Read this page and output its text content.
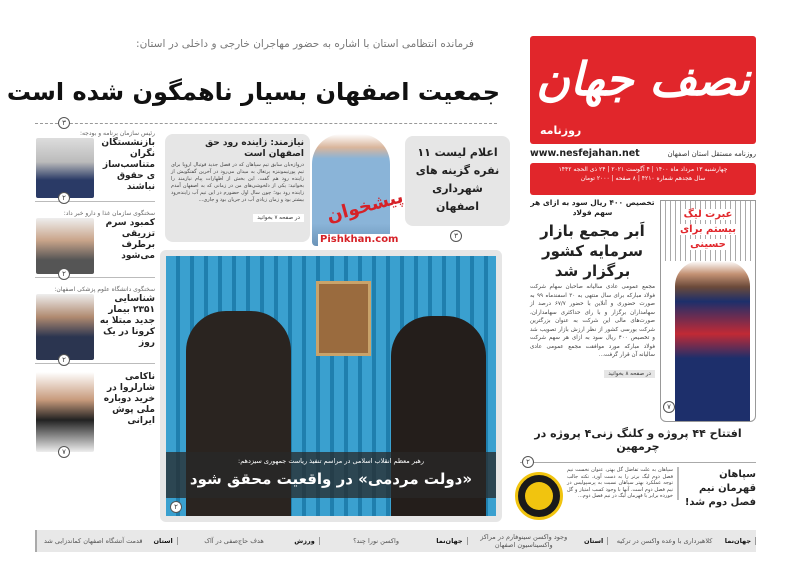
فرمانده انتظامی استان با اشاره به حضور مهاجران خارجی و داخلی در استان:
جمعیت اصفهان بسیار ناهمگون شده است
۳
نصف جهان
روزنامه
www.nesfejahan.net	روزنامه مستقل استان اصفهان
چهارشنبه ۱۳ مرداد ماه ۱۴۰۰ | ۴ آگوست ۲۰۲۱ | ۲۴ ذی الحجه ۱۴۴۲
سال هجدهم شماره ۴۲۱۰ | ۸ صفحه | ۲۰۰۰ تومان
رئیس سازمان برنامه و بودجه:
بازنشستگان نگران متناسب‌سازی حقوق نباشند
۲
سخنگوی سازمان غذا و دارو خبر داد:
کمبود سرم تزریقی برطرف می‌شود
۲
سخنگوی دانشگاه علوم پزشکی اصفهان:
شناسایی ۲۳۵۱ بیمار جدید مبتلا به کرونا در یک روز
۲
ناکامی شارلروا در خرید دوباره ملی پوش ایرانی
۷
نیازمند: زاینده رود حق اصفهان است
دروازه‌بان سابق تیم سپاهان که در فصل جدید فوتبال اروپا برای تیم پورتیموننزه پرتغال به میدان می‌رود در آخرین گفتگویش از زاینده رود هم گفت. این بخش از اظهارات پیام نیازمند را بخوانید: یکی از دلخوشی‌های من در زمانی که به اصفهان آمدم زاینده رود بود؛ چون سال اول حضورم در این تیم آب زاینده‌رود بیشتر بود و زمان زیادی آب در جریان بود و جاری...
در صفحه ۷ بخوانید
اعلام لیست ۱۱ نفره گزینه های شهرداری اصفهان
۳
پیشخوان
Pishkhan.com
رهبر معظم انقلاب اسلامی در مراسم تنفیذ ریاست جمهوری سیزدهم:
«دولت مردمی» در واقعیت محقق شود
۲
تخصیص ۴۰۰ ریال سود به ازای هر سهم فولاد
اَبر مجمع بازار سرمایه کشور برگزار شد
مجمع عمومی عادی سالیانه صاحبان سهام شرکت فولاد مبارکه برای سال منتهی به ۳۰ اسفندماه ۹۹ به صورت حضوری و آنلاین با حضور ۶۷/۷ درصد از سهامداران برگزار و با رای حداکثری سهامداران، صورت‌های مالی این شرکت به عنوان بزرگترین شرکت بورسی کشور از نظر ارزش بازار تصویب شد و تخصیص ۴۰۰ ریال سود به ازای هر سهم شرکت فولاد مبارکه مورد موافقت مجمع عمومی عادی سالیانه آن قرار گرفت...
در صفحه ۸ بخوانید
عبرت لیگ بیستم برای حسینی
۷
افتتاح ۴۴ پروژه و کلنگ زنی۴ پروژه در چرمهین
۲
سپاهان قهرمان نیم فصل دوم شد!
سپاهان به علت تفاضل گل بهتر، عنوان نخست نیم فصل دوم لیگ برتر را به دست آورد. نکته جالب توجه عملکرد بهتر سپاهان نسبت به پرسپولیس در نیم فصل دوم است. آنها با وجود کسب امتیاز و گل خورده برابر با قهرمان لیگ در نیم فصل دوم...
جهان‌نما
کلاهبرداری با وعده واکسن در ترکیه
استان
وجود واکسن سینوفارم در مراکز واکسیناسیون اصفهان
جهان‌نما
واکسن نورا چند؟
ورزش
هدف حاج‌صفی در آاک
استان
قدمت آتشگاه اصفهان کماندزایی شد
